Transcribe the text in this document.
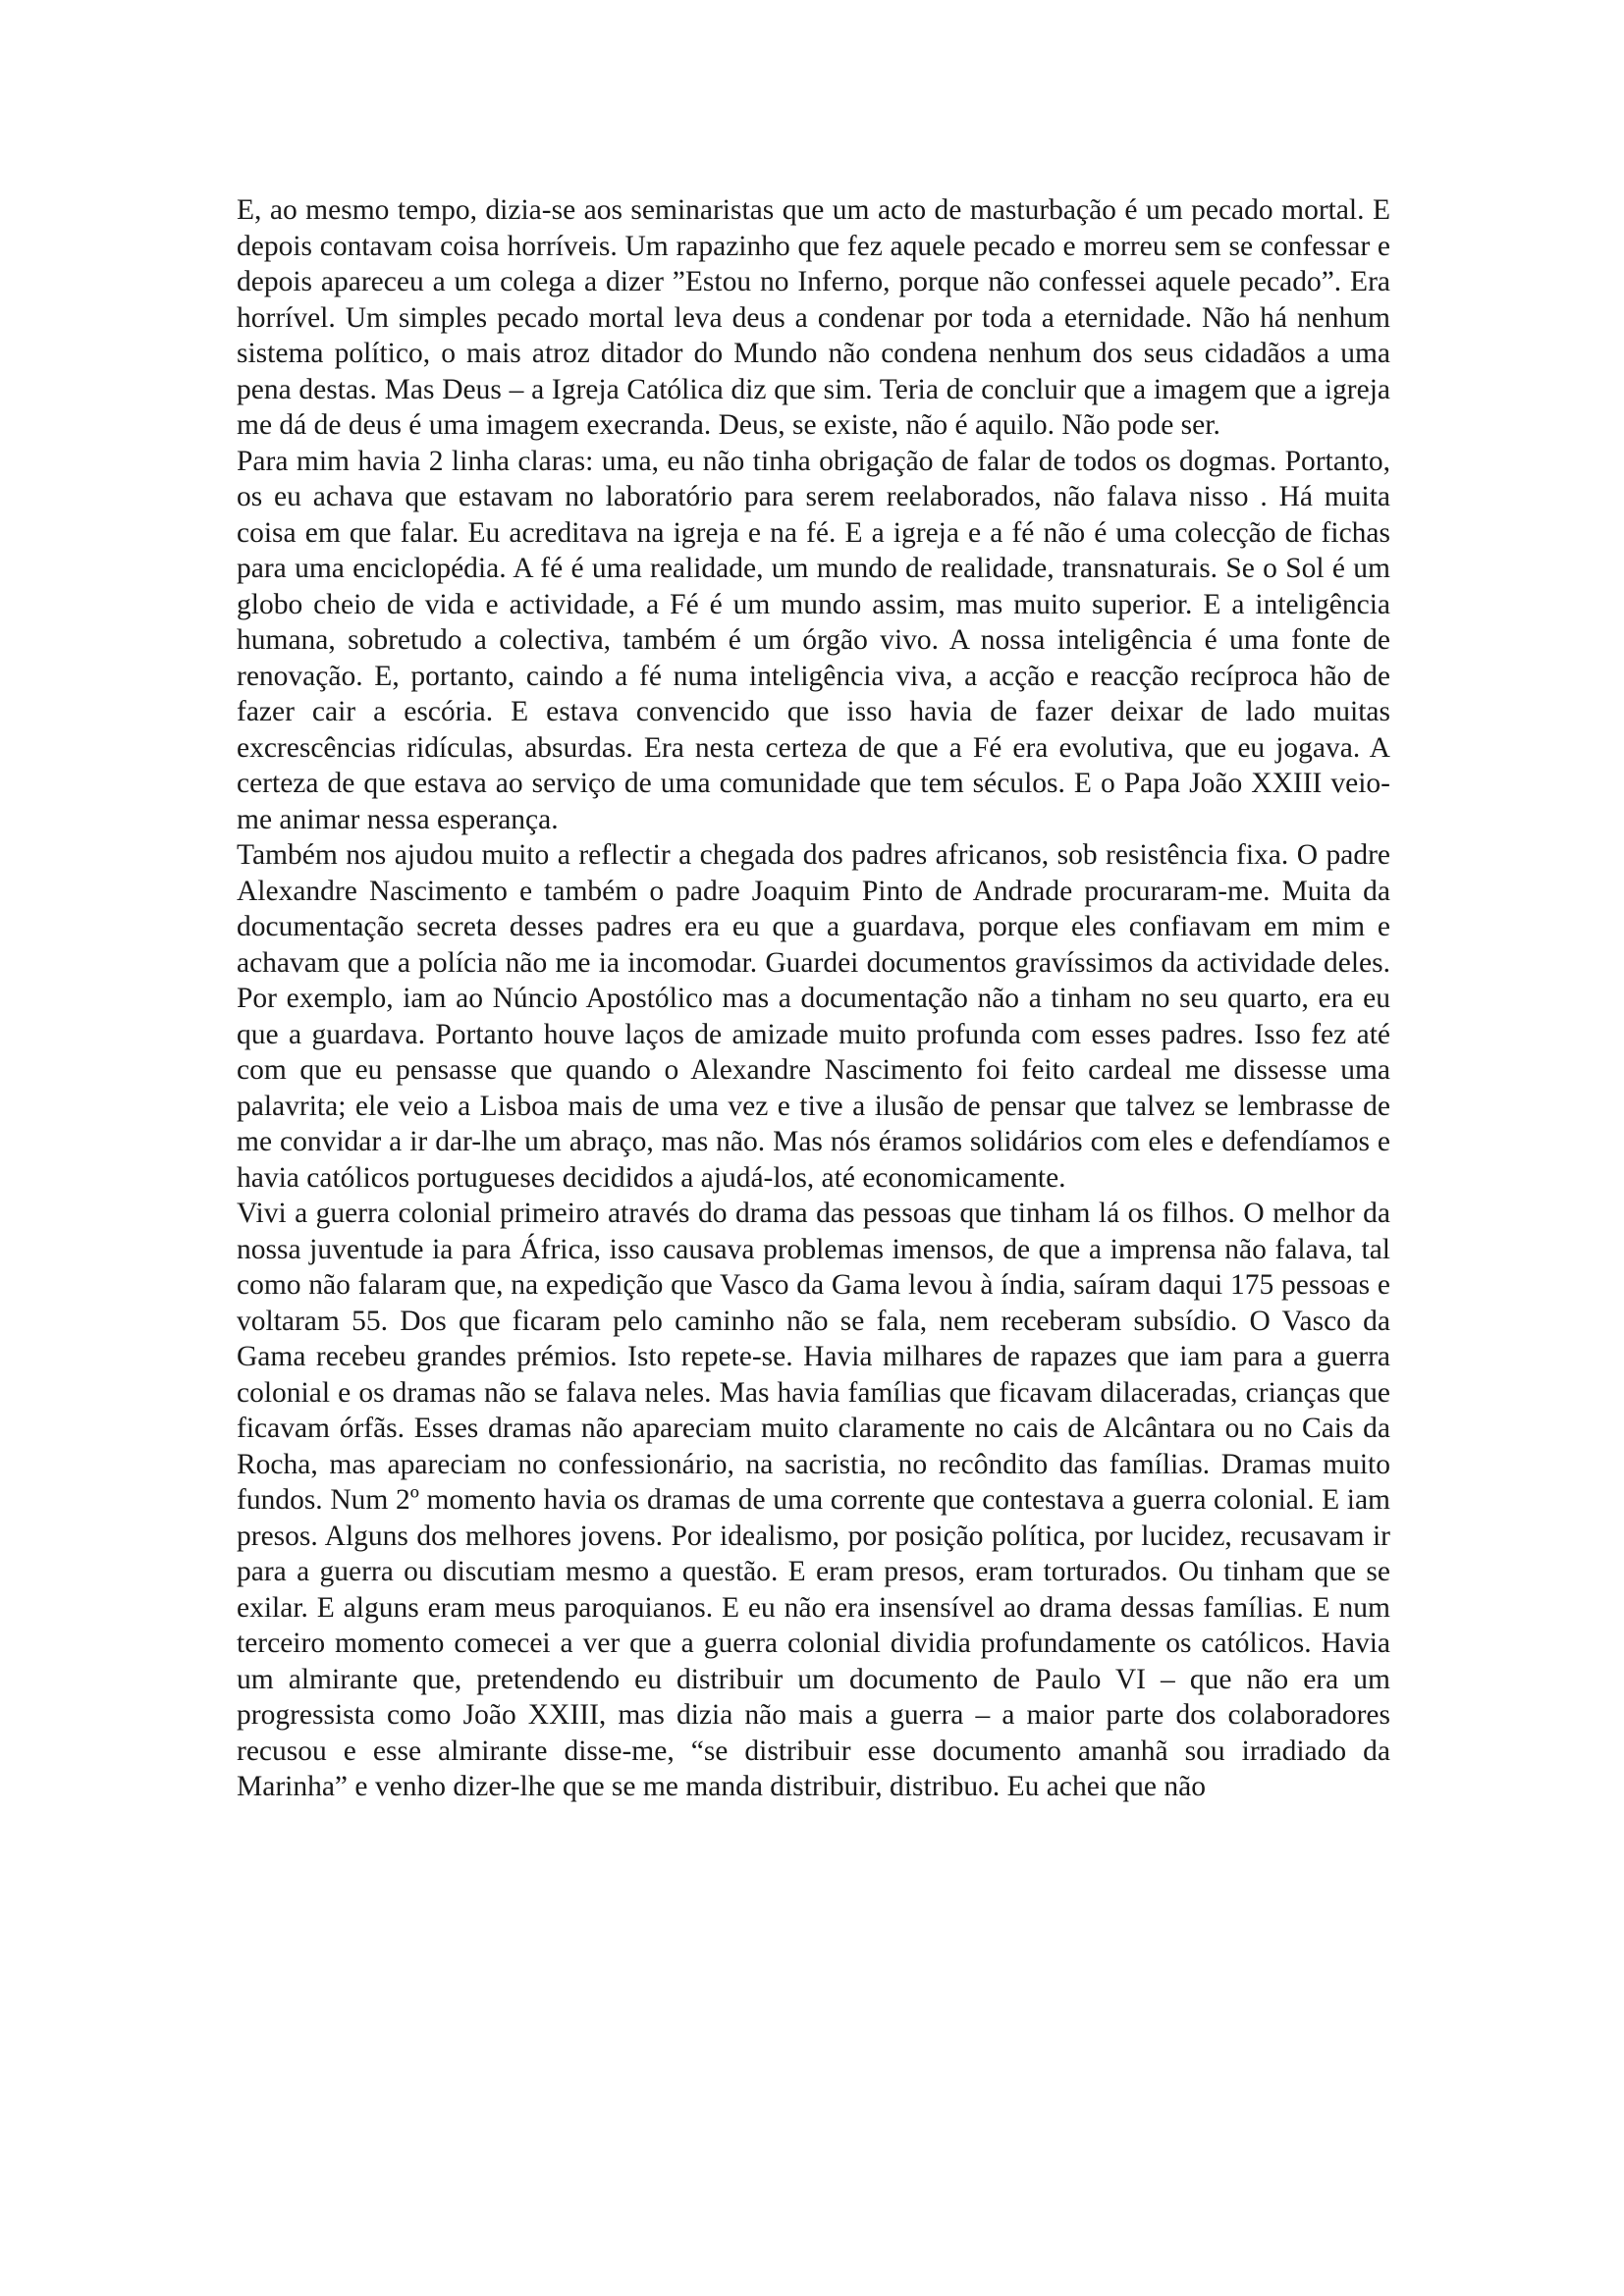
E, ao mesmo tempo, dizia-se aos seminaristas que um acto de masturbação é um pecado mortal. E depois contavam coisa horríveis. Um rapazinho que fez aquele pecado e morreu sem se confessar e depois apareceu a um colega a dizer ”Estou no Inferno, porque não confessei aquele pecado”. Era horrível. Um simples pecado mortal leva deus a condenar por toda a eternidade. Não há nenhum sistema político, o mais atroz ditador do Mundo não condena nenhum dos seus cidadãos a uma pena destas. Mas Deus – a Igreja Católica diz que sim. Teria de concluir que a imagem que a igreja me dá de deus é uma imagem execranda. Deus, se existe, não é aquilo. Não pode ser.

Para mim havia 2 linha claras: uma, eu não tinha obrigação de falar de todos os dogmas. Portanto, os eu achava que estavam no laboratório para serem reelaborados, não falava nisso . Há muita coisa em que falar. Eu acreditava na igreja e na fé. E a igreja e a fé não é uma colecção de fichas para uma enciclopédia. A fé é uma realidade, um mundo de realidade, transnaturais. Se o Sol é um globo cheio de vida e actividade, a Fé é um mundo assim, mas muito superior. E a inteligência humana, sobretudo a colectiva, também é um órgão vivo. A nossa inteligência é uma fonte de renovação. E, portanto, caindo a fé numa inteligência viva, a acção e reacção recíproca hão de fazer cair a escória. E estava convencido que isso havia de fazer deixar de lado muitas excrescências ridículas, absurdas. Era nesta certeza de que a Fé era evolutiva, que eu jogava. A certeza de que estava ao serviço de uma comunidade que tem séculos. E o Papa João XXIII veio-me animar nessa esperança.

Também nos ajudou muito a reflectir a chegada dos padres africanos, sob resistência fixa. O padre Alexandre Nascimento e também o padre Joaquim Pinto de Andrade procuraram-me. Muita da documentação secreta desses padres era eu que a guardava, porque eles confiavam em mim e achavam que a polícia não me ia incomodar. Guardei documentos gravíssimos da actividade deles. Por exemplo, iam ao Núncio Apostólico mas a documentação não a tinham no seu quarto, era eu que a guardava. Portanto houve laços de amizade muito profunda com esses padres. Isso fez até com que eu pensasse que quando o Alexandre Nascimento foi feito cardeal me dissesse uma palavrita; ele veio a Lisboa mais de uma vez e tive a ilusão de pensar que talvez se lembrasse de me convidar a ir dar-lhe um abraço, mas não. Mas nós éramos solidários com eles e defendíamos e havia católicos portugueses decididos a ajudá-los, até economicamente.

Vivi a guerra colonial primeiro através do drama das pessoas que tinham lá os filhos. O melhor da nossa juventude ia para África, isso causava problemas imensos, de que a imprensa não falava, tal como não falaram que, na expedição que Vasco da Gama levou à índia, saíram daqui 175 pessoas e voltaram 55. Dos que ficaram pelo caminho não se fala, nem receberam subsídio. O Vasco da Gama recebeu grandes prémios. Isto repete-se. Havia milhares de rapazes que iam para a guerra colonial e os dramas não se falava neles. Mas havia famílias que ficavam dilaceradas, crianças que ficavam órfãs. Esses dramas não apareciam muito claramente no cais de Alcântara ou no Cais da Rocha, mas apareciam no confessionário, na sacristia, no recôndito das famílias. Dramas muito fundos. Num 2º momento havia os dramas de uma corrente que contestava a guerra colonial. E iam presos. Alguns dos melhores jovens. Por idealismo, por posição política, por lucidez, recusavam ir para a guerra ou discutiam mesmo a questão. E eram presos, eram torturados. Ou tinham que se exilar. E alguns eram meus paroquianos. E eu não era insensível ao drama dessas famílias. E num terceiro momento comecei a ver que a guerra colonial dividia profundamente os católicos. Havia um almirante que, pretendendo eu distribuir um documento de Paulo VI – que não era um progressista como João XXIII, mas dizia não mais a guerra – a maior parte dos colaboradores recusou e esse almirante disse-me, “se distribuir esse documento amanhã sou irradiado da Marinha” e venho dizer-lhe que se me manda distribuir, distribuo. Eu achei que não
